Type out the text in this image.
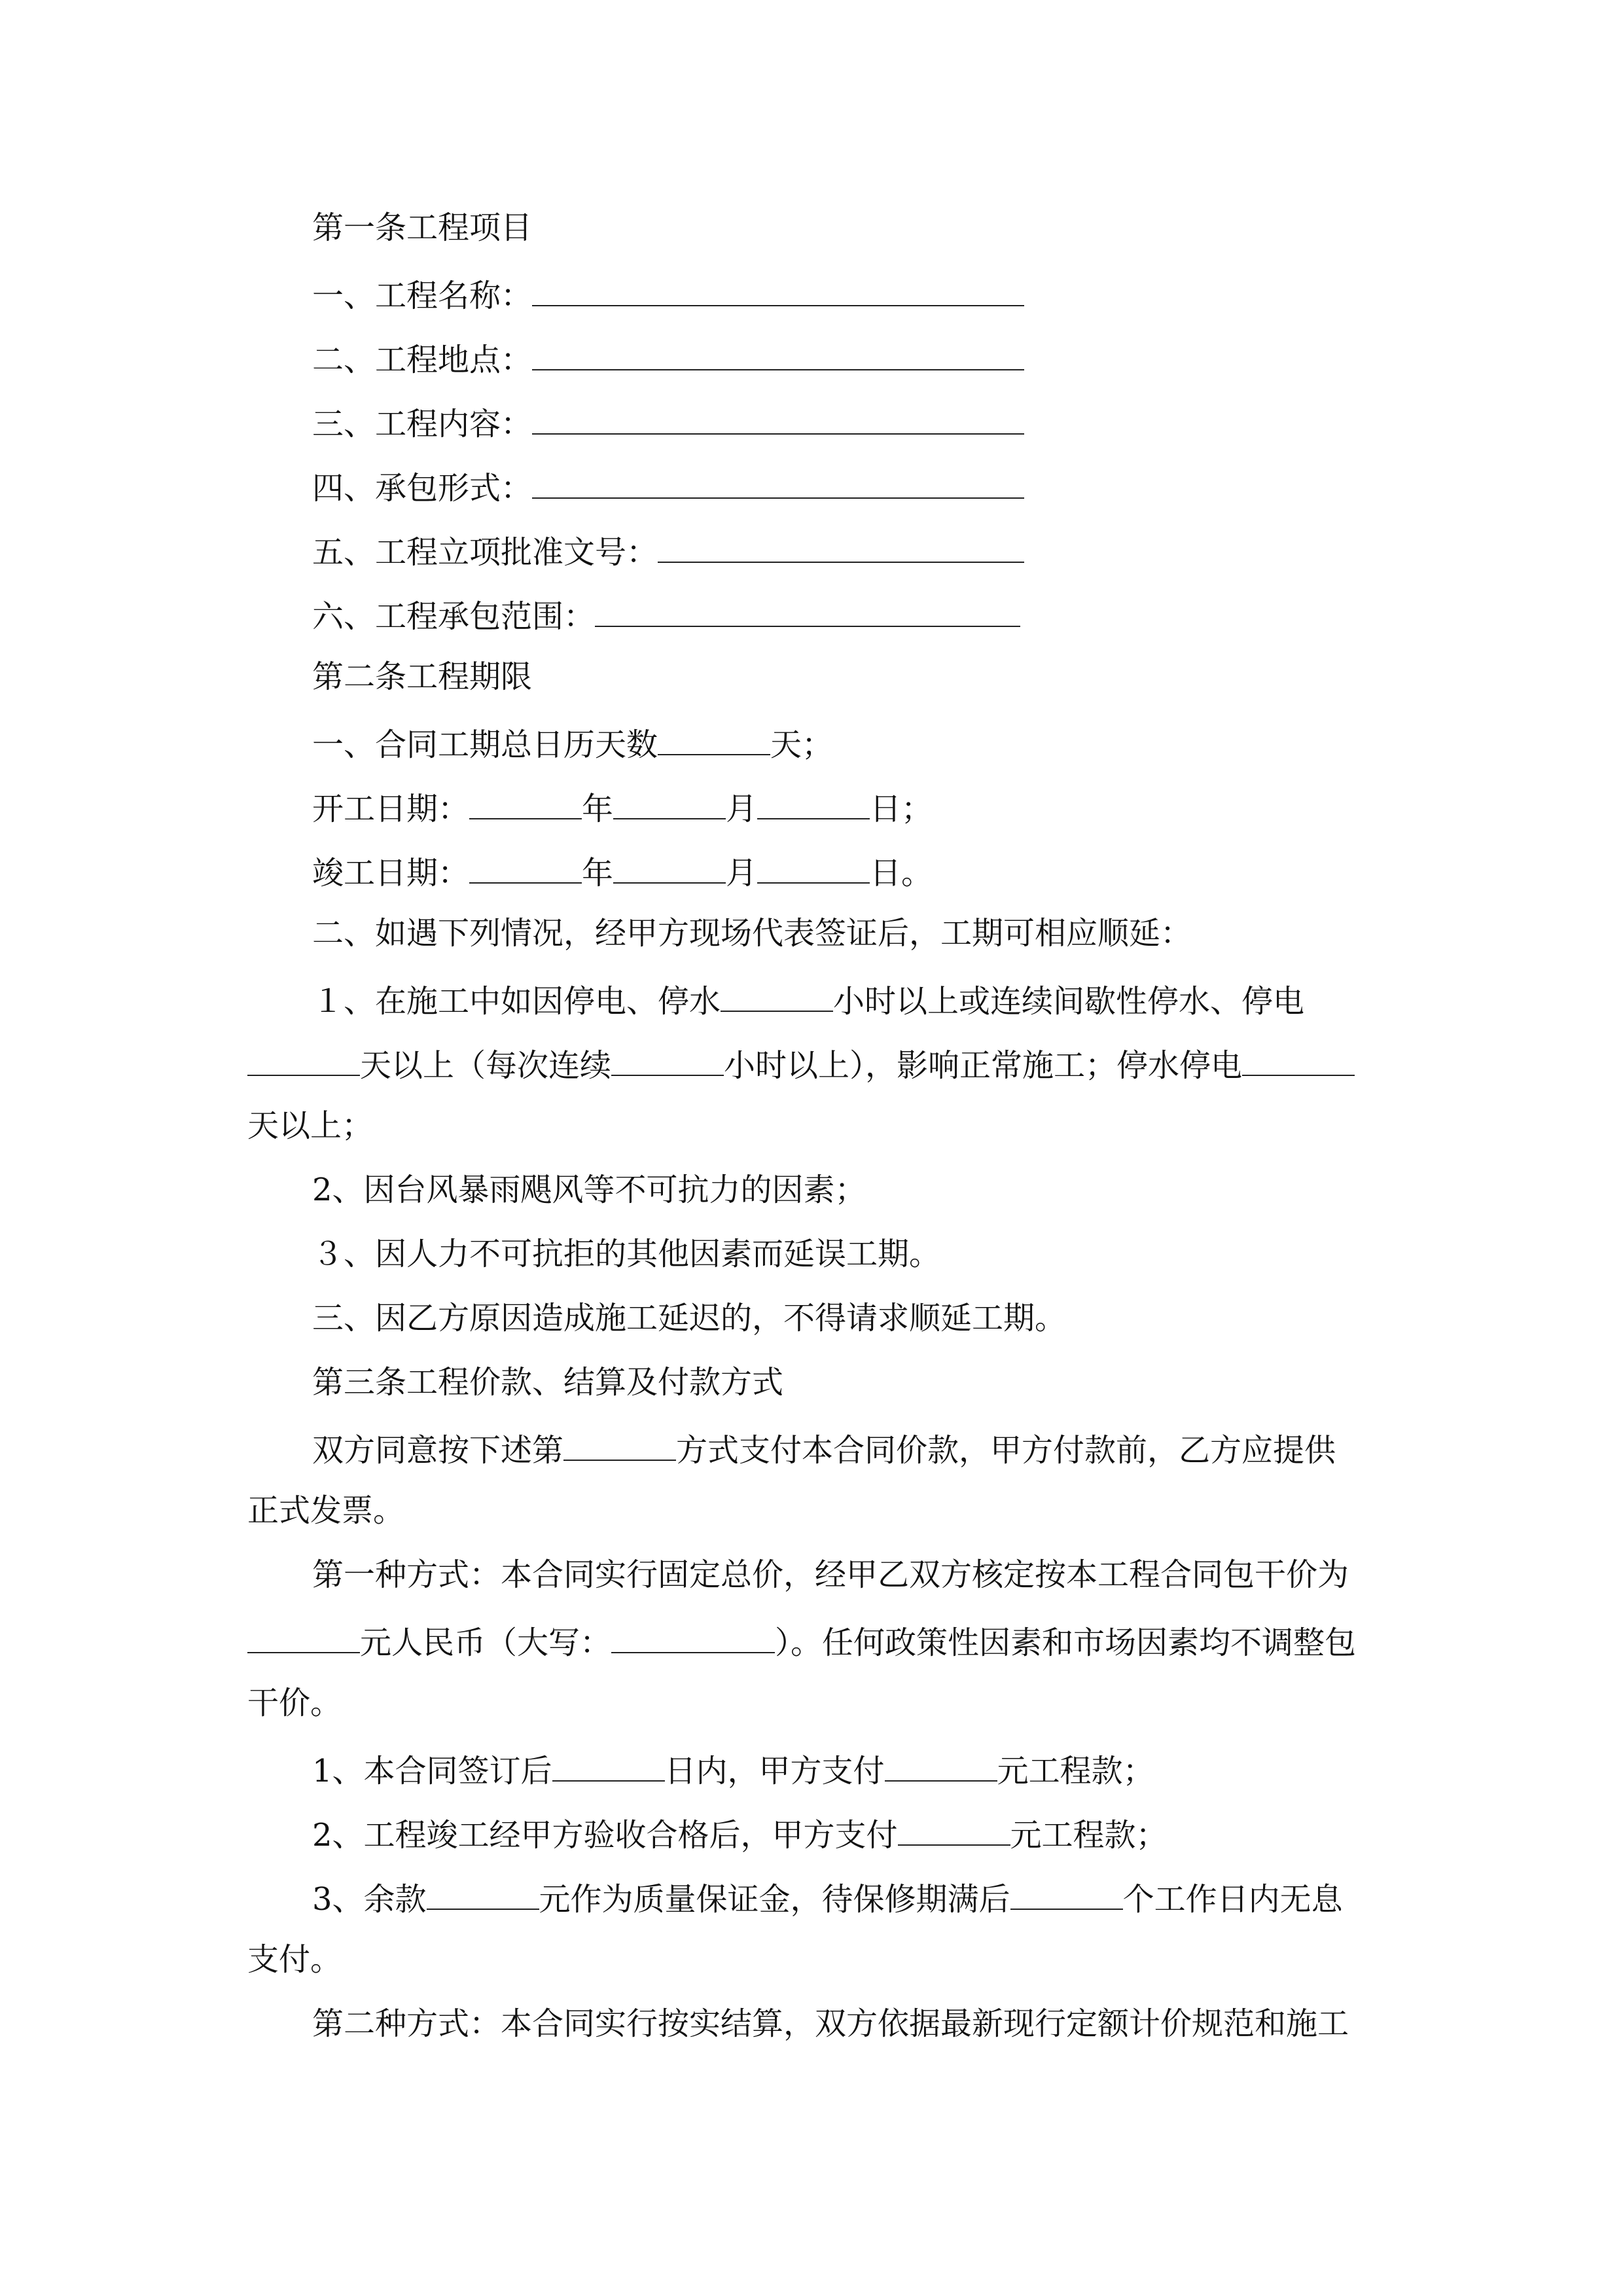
第一条工程项目
一、工程名称：
二、工程地点：
三、工程内容：
四、承包形式：
五、工程立项批准文号：
六、工程承包范围：
第二条工程期限
一、合同工期总日历天数	天；
开工日期：	年	月	日；
竣工日期：	年	月	日。
二、如遇下列情况，经甲方现场代表签证后，工期可相应顺延：
１、在施工中如因停电、停水	小时以上或连续间歇性停水、停电
天以上（每次连续	小时以上），影响正常施工；停水停电
天以上；
2、因台风暴雨飓风等不可抗力的因素；
３、因人力不可抗拒的其他因素而延误工期。
三、因乙方原因造成施工延迟的，不得请求顺延工期。
第三条工程价款、结算及付款方式
双方同意按下述第	方式支付本合同价款，甲方付款前，乙方应提供
正式发票。
第一种方式：本合同实行固定总价，经甲乙双方核定按本工程合同包干价为
元人民币（大写：	）。任何政策性因素和市场因素均不调整包
干价。
1、本合同签订后	日内，甲方支付	元工程款；
2、工程竣工经甲方验收合格后，甲方支付	元工程款；
3、余款	元作为质量保证金，待保修期满后	个工作日内无息
支付。
第二种方式：本合同实行按实结算，双方依据最新现行定额计价规范和施工
